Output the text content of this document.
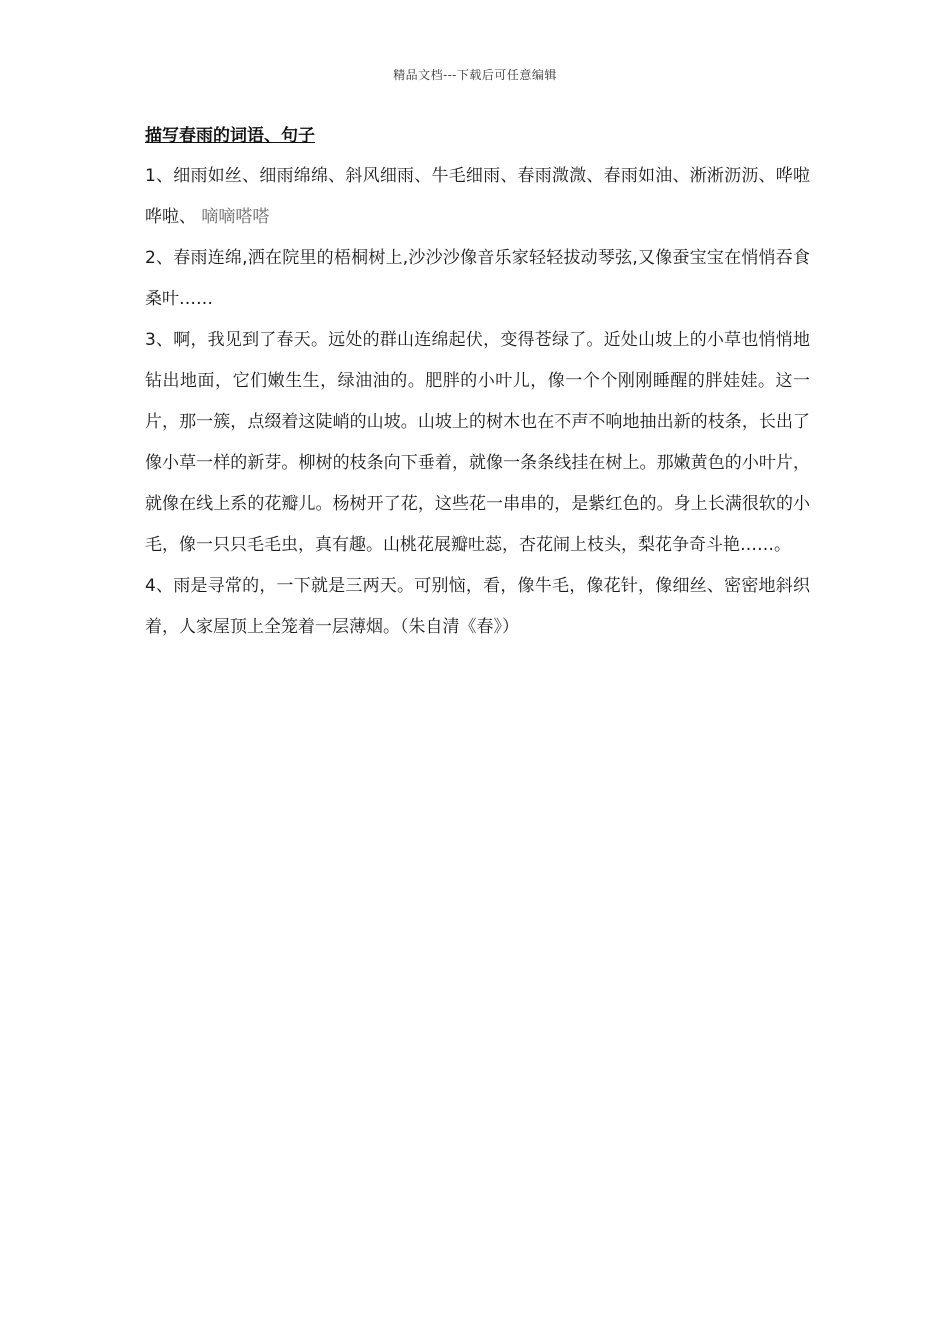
精品文档---下载后可任意编辑
描写春雨的词语、句子

1、细雨如丝、细雨绵绵、斜风细雨、牛毛细雨、春雨溦溦、春雨如油、淅淅沥沥、哗啦哗啦、 嘀嘀嗒嗒

2、春雨连绵,洒在院里的梧桐树上,沙沙沙像音乐家轻轻拔动琴弦,又像蚕宝宝在悄悄吞食桑叶……

3、啊，我见到了春天。远处的群山连绵起伏，变得苍绿了。近处山坡上的小草也悄悄地钻出地面，它们嫩生生，绿油油的。肥胖的小叶儿，像一个个刚刚睡醒的胖娃娃。这一片，那一簇，点缀着这陡峭的山坡。山坡上的树木也在不声不响地抽出新的枝条，长出了像小草一样的新芽。柳树的枝条向下垂着，就像一条条线挂在树上。那嫩黄色的小叶片，就像在线上系的花瓣儿。杨树开了花，这些花一串串的，是紫红色的。身上长满很软的小毛，像一只只毛毛虫，真有趣。山桃花展瓣吐蕊，杏花闹上枝头，梨花争奇斗艳……。

4、雨是寻常的，一下就是三两天。可别恼，看，像牛毛，像花针，像细丝、密密地斜织着，人家屋顶上全笼着一层薄烟。（朱自清《春》）
